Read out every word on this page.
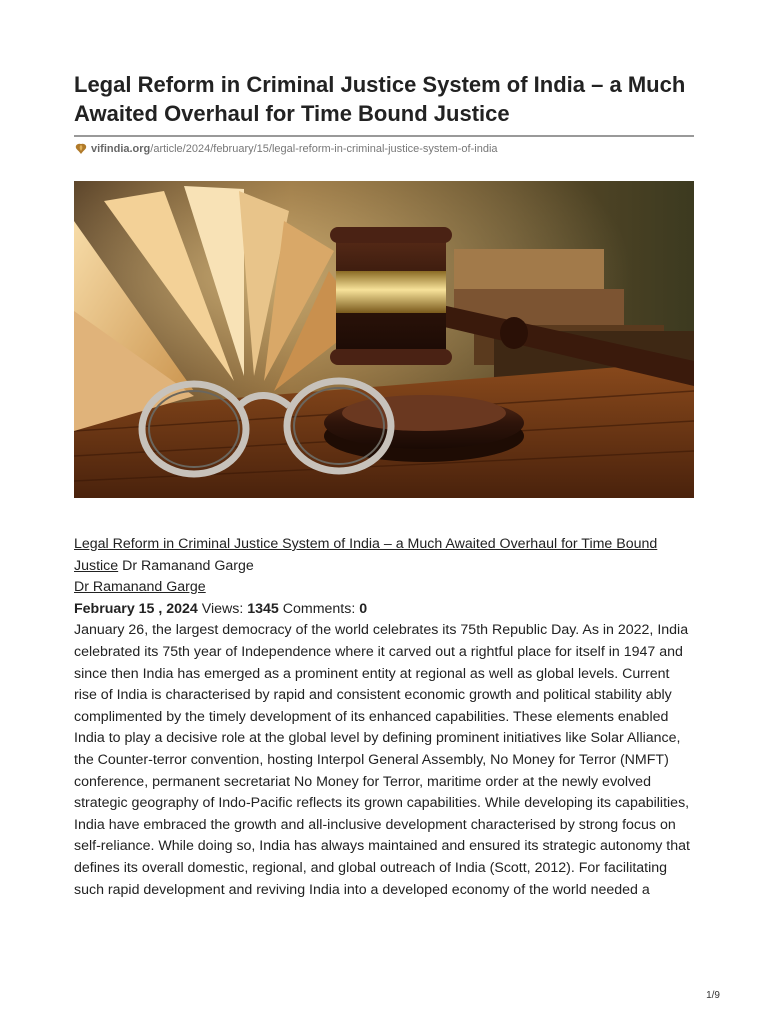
Legal Reform in Criminal Justice System of India – a Much Awaited Overhaul for Time Bound Justice
vifindia.org /article/2024/february/15/legal-reform-in-criminal-justice-system-of-india
Legal Reform in Criminal Justice System of India – a Much Awaited Overhaul for Time Bound Justice Dr Ramanand Garge
Dr Ramanand Garge
February 15 , 2024 Views: 1345 Comments: 0

January 26, the largest democracy of the world celebrates its 75th Republic Day. As in 2022, India celebrated its 75th year of Independence where it carved out a rightful place for itself in 1947 and since then India has emerged as a prominent entity at regional as well as global levels. Current rise of India is characterised by rapid and consistent economic growth and political stability ably complimented by the timely development of its enhanced capabilities. These elements enabled India to play a decisive role at the global level by defining prominent initiatives like Solar Alliance, the Counter-terror convention, hosting Interpol General Assembly, No Money for Terror (NMFT) conference, permanent secretariat No Money for Terror, maritime order at the newly evolved strategic geography of Indo-Pacific reflects its grown capabilities. While developing its capabilities, India have embraced the growth and all-inclusive development characterised by strong focus on self-reliance. While doing so, India has always maintained and ensured its strategic autonomy that defines its overall domestic, regional, and global outreach of India (Scott, 2012). For facilitating such rapid development and reviving India into a developed economy of the world needed a

1/9
